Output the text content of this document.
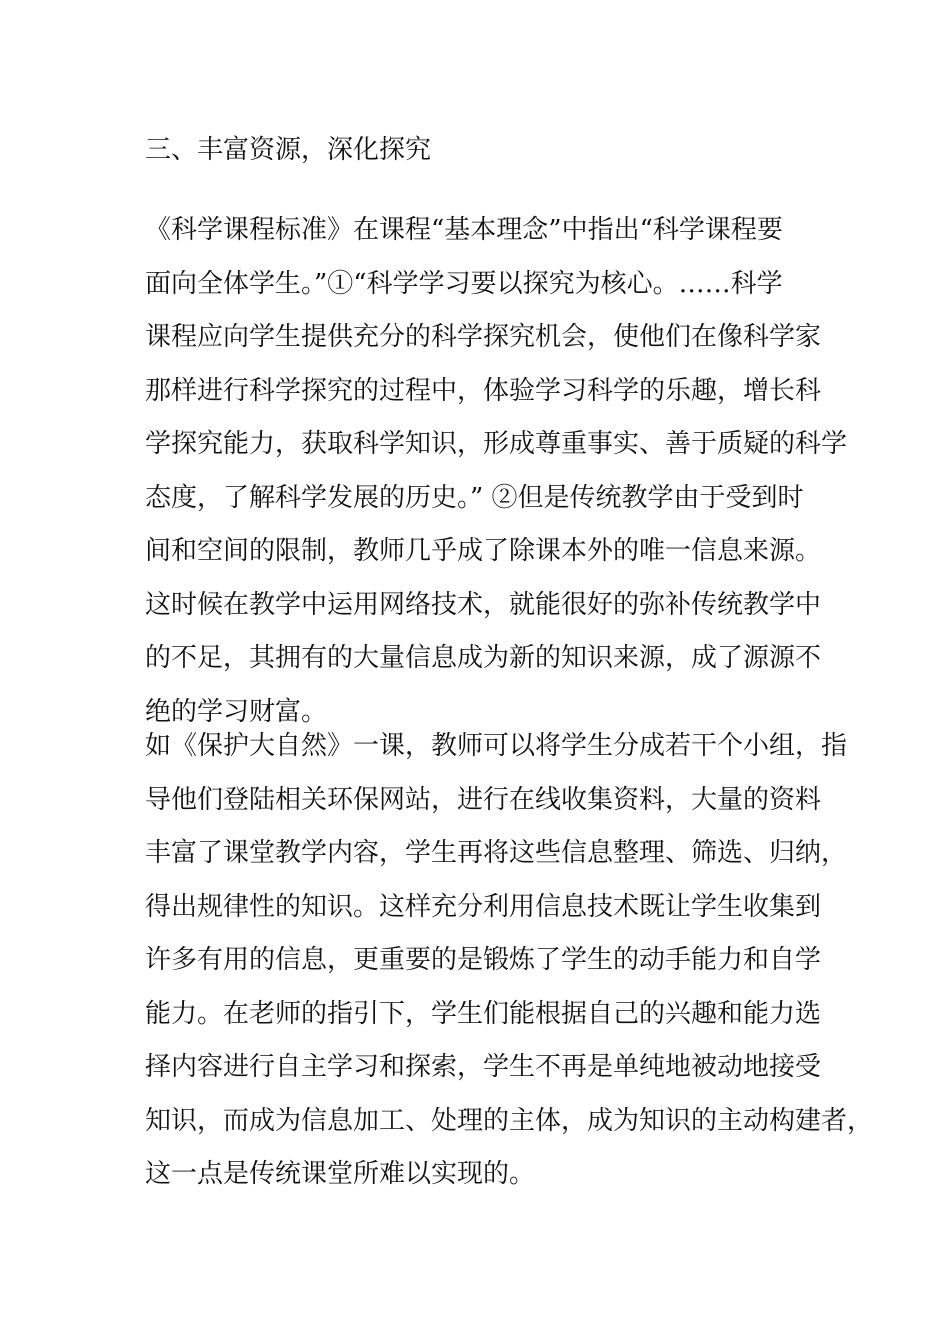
三、丰富资源，深化探究
《科学课程标准》在课程“基本理念”中指出“科学课程要
面向全体学生。”①“科学学习要以探究为核心。……科学
课程应向学生提供充分的科学探究机会，使他们在像科学家
那样进行科学探究的过程中，体验学习科学的乐趣，增长科
学探究能力，获取科学知识，形成尊重事实、善于质疑的科学
态度，了解科学发展的历史。” ②但是传统教学由于受到时
间和空间的限制，教师几乎成了除课本外的唯一信息来源。
这时候在教学中运用网络技术，就能很好的弥补传统教学中
的不足，其拥有的大量信息成为新的知识来源，成了源源不
绝的学习财富。
如《保护大自然》一课，教师可以将学生分成若干个小组，指
导他们登陆相关环保网站，进行在线收集资料，大量的资料
丰富了课堂教学内容，学生再将这些信息整理、筛选、归纳，
得出规律性的知识。这样充分利用信息技术既让学生收集到
许多有用的信息，更重要的是锻炼了学生的动手能力和自学
能力。在老师的指引下，学生们能根据自己的兴趣和能力选
择内容进行自主学习和探索，学生不再是单纯地被动地接受
知识，而成为信息加工、处理的主体，成为知识的主动构建者，
这一点是传统课堂所难以实现的。
